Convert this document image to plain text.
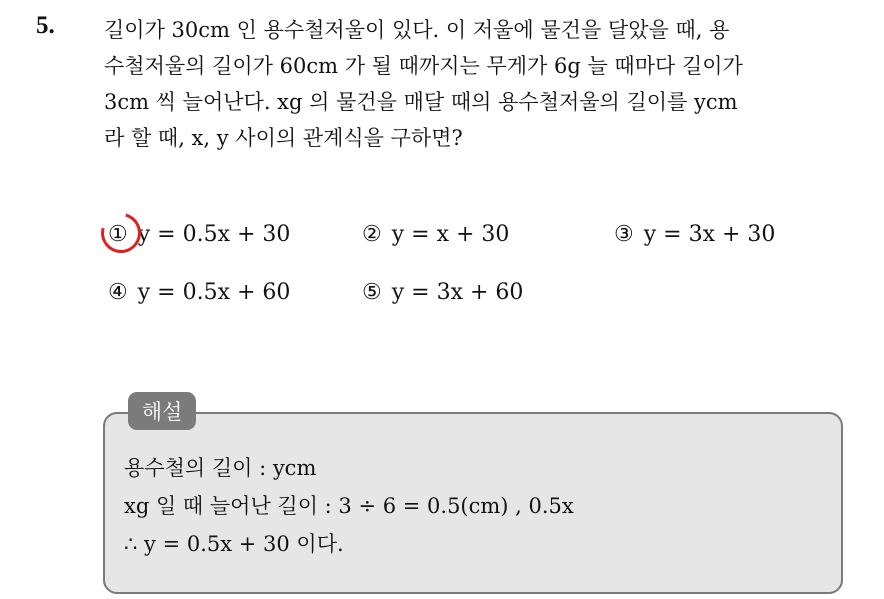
5. 길이가 30cm 인 용수철저울이 있다. 이 저울에 물건을 달았을 때, 용
수철저울의 길이가 60cm 가 될 때까지는 무게가 6g 늘 때마다 길이가
3cm 씩 늘어난다. xg 의 물건을 매달 때의 용수철저울의 길이를 ycm
라 할 때, x, y 사이의 관계식을 구하면?
① y = 0.5x + 30	② y = x + 30	③ y = 3x + 30
④ y = 0.5x + 60	⑤ y = 3x + 60
해설
용수철의 길이 : ycm
xg 일 때 늘어난 길이 : 3 ÷ 6 = 0.5(cm) , 0.5x
∴ y = 0.5x + 30 이다.
